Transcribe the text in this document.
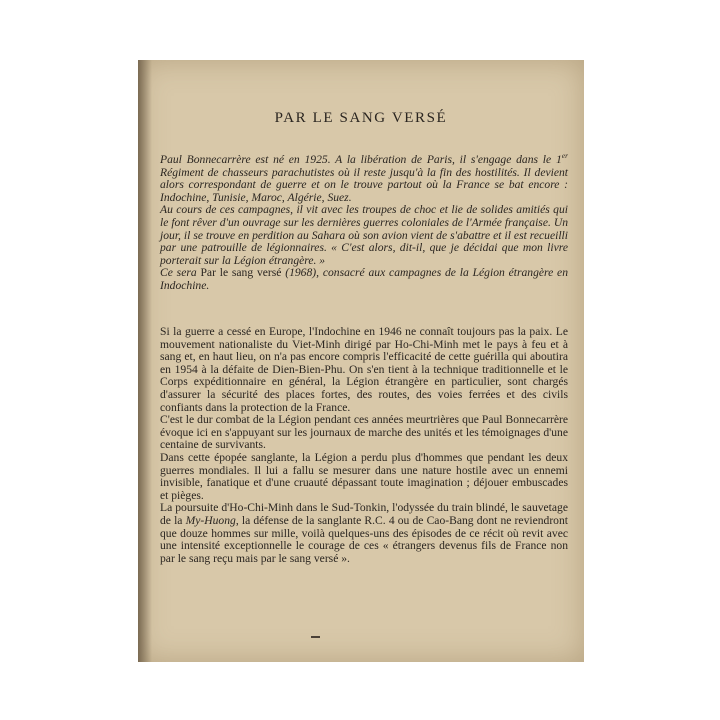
PAR LE SANG VERSÉ

Paul Bonnecarrère est né en 1925. A la libération de Paris, il s'engage dans le 1er Régiment de chasseurs parachutistes où il reste jusqu'à la fin des hostilités. Il devient alors correspondant de guerre et on le trouve partout où la France se bat encore : Indochine, Tunisie, Maroc, Algérie, Suez.

Au cours de ces campagnes, il vit avec les troupes de choc et lie de solides amitiés qui le font rêver d'un ouvrage sur les dernières guerres coloniales de l'Armée française. Un jour, il se trouve en perdition au Sahara où son avion vient de s'abattre et il est recueilli par une patrouille de légionnaires. « C'est alors, dit-il, que je décidai que mon livre porterait sur la Légion étrangère. »

Ce sera Par le sang versé (1968), consacré aux campagnes de la Légion étrangère en Indochine.

Si la guerre a cessé en Europe, l'Indochine en 1946 ne connaît toujours pas la paix. Le mouvement nationaliste du Viet-Minh dirigé par Ho-Chi-Minh met le pays à feu et à sang et, en haut lieu, on n'a pas encore compris l'efficacité de cette guérilla qui aboutira en 1954 à la défaite de Dien-Bien-Phu. On s'en tient à la technique traditionnelle et le Corps expéditionnaire en général, la Légion étrangère en particulier, sont chargés d'assurer la sécurité des places fortes, des routes, des voies ferrées et des civils confiants dans la protection de la France.

C'est le dur combat de la Légion pendant ces années meurtrières que Paul Bonnecarrère évoque ici en s'appuyant sur les journaux de marche des unités et les témoignages d'une centaine de survivants.

Dans cette épopée sanglante, la Légion a perdu plus d'hommes que pendant les deux guerres mondiales. Il lui a fallu se mesurer dans une nature hostile avec un ennemi invisible, fanatique et d'une cruauté dépassant toute imagination ; déjouer embuscades et pièges.

La poursuite d'Ho-Chi-Minh dans le Sud-Tonkin, l'odyssée du train blindé, le sauvetage de la My-Huong, la défense de la sanglante R.C. 4 ou de Cao-Bang dont ne reviendront que douze hommes sur mille, voilà quelques-uns des épisodes de ce récit où revit avec une intensité exceptionnelle le courage de ces « étrangers devenus fils de France non par le sang reçu mais par le sang versé ».
